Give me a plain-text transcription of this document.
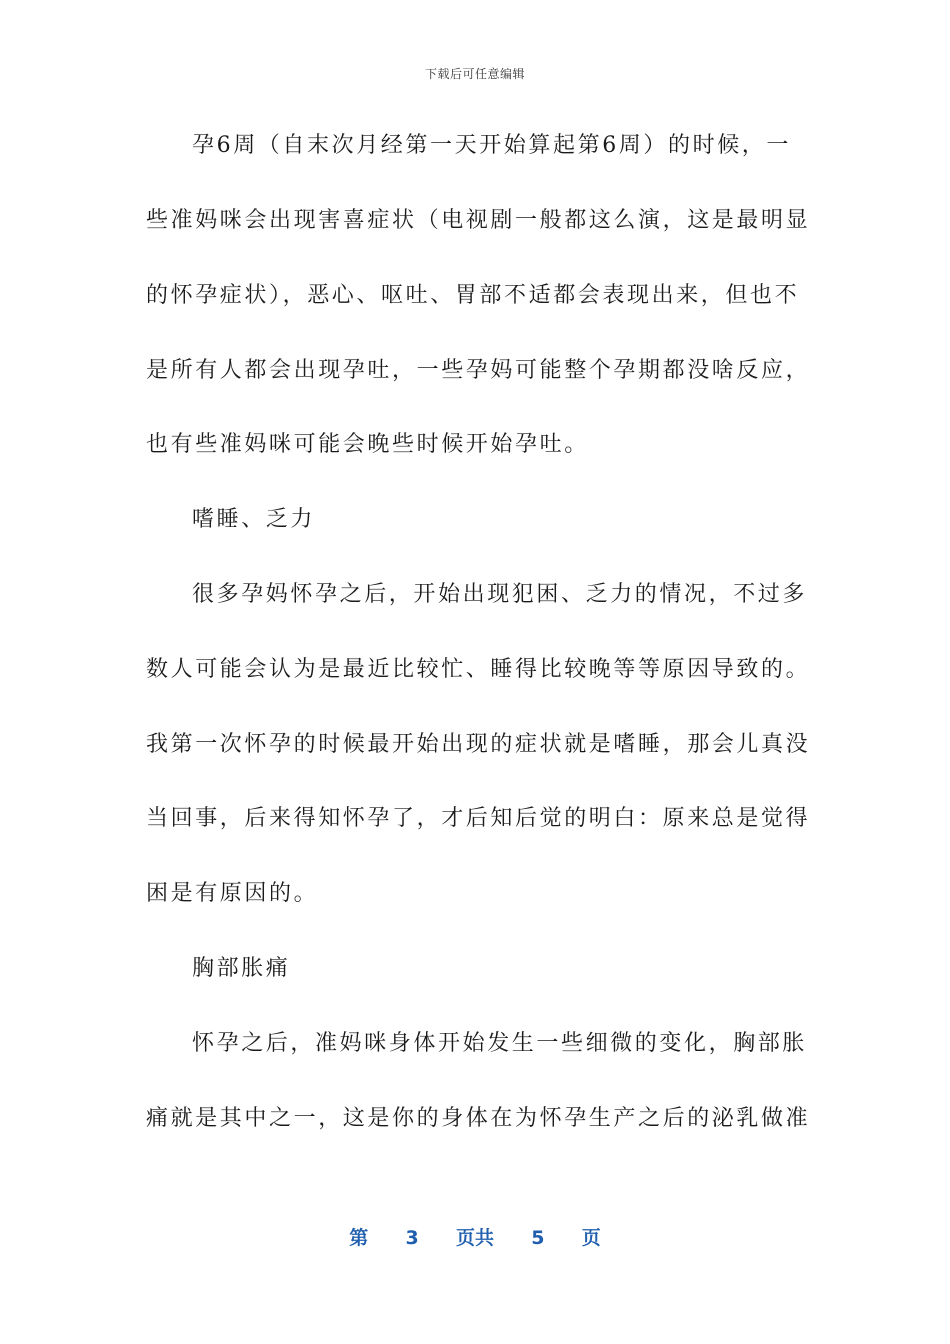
下载后可任意编辑
孕6周（自末次月经第一天开始算起第6周）的时候，一
些准妈咪会出现害喜症状（电视剧一般都这么演，这是最明显
的怀孕症状），恶心、呕吐、胃部不适都会表现出来，但也不
是所有人都会出现孕吐，一些孕妈可能整个孕期都没啥反应，
也有些准妈咪可能会晚些时候开始孕吐。
嗜睡、乏力
很多孕妈怀孕之后，开始出现犯困、乏力的情况，不过多
数人可能会认为是最近比较忙、睡得比较晚等等原因导致的。
我第一次怀孕的时候最开始出现的症状就是嗜睡，那会儿真没
当回事，后来得知怀孕了，才后知后觉的明白：原来总是觉得
困是有原因的。
胸部胀痛
怀孕之后，准妈咪身体开始发生一些细微的变化，胸部胀
痛就是其中之一，这是你的身体在为怀孕生产之后的泌乳做准
第 3 页共 5 页
